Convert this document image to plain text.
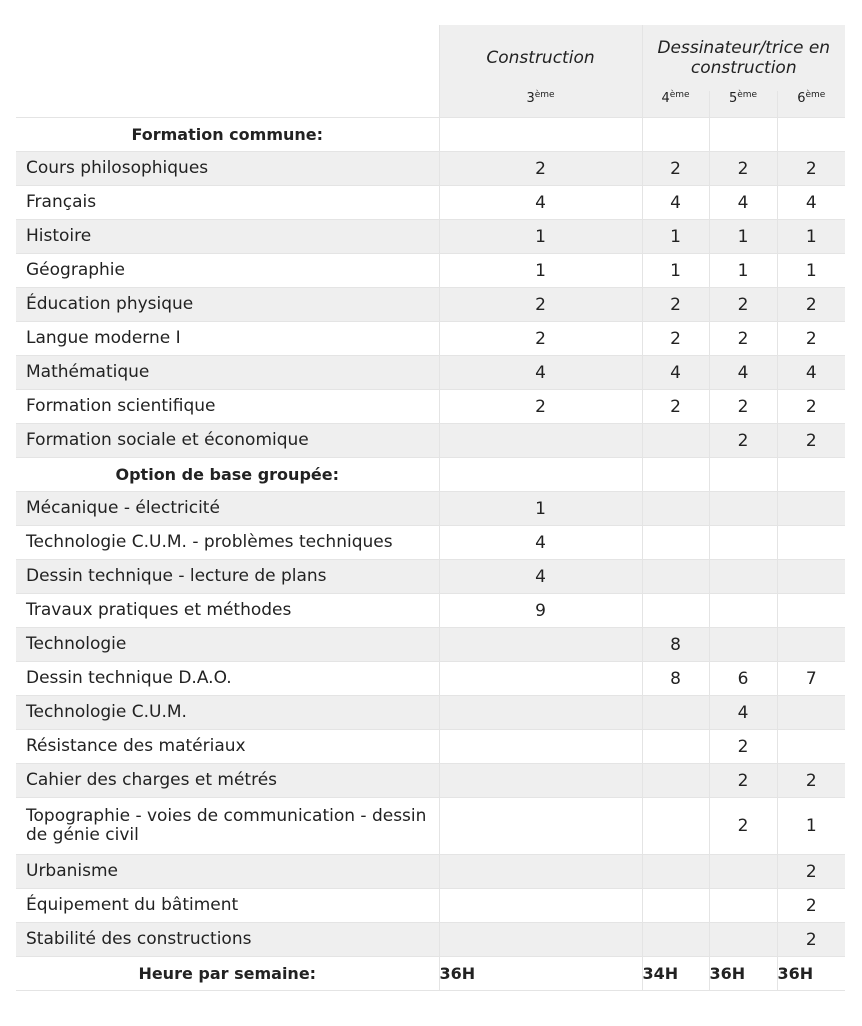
	Construction	Dessinateur/trice en construction		
	3ème	4ème	5ème	6ème
Formation commune:				
Cours philosophiques	2	2	2	2
Français	4	4	4	4
Histoire	1	1	1	1
Géographie	1	1	1	1
Éducation physique	2	2	2	2
Langue moderne I	2	2	2	2
Mathématique	4	4	4	4
Formation scientifique	2	2	2	2
Formation sociale et économique			2	2
Option de base groupée:				
Mécanique - électricité	1			
Technologie C.U.M. - problèmes techniques	4			
Dessin technique - lecture de plans	4			
Travaux pratiques et méthodes	9			
Technologie		8		
Dessin technique D.A.O.		8	6	7
Technologie C.U.M.			4	
Résistance des matériaux			2	
Cahier des charges et métrés			2	2
Topographie - voies de communication - dessin de génie civil			2	1
Urbanisme				2
Équipement du bâtiment				2
Stabilité des constructions				2
Heure par semaine:	36H	34H	36H	36H
